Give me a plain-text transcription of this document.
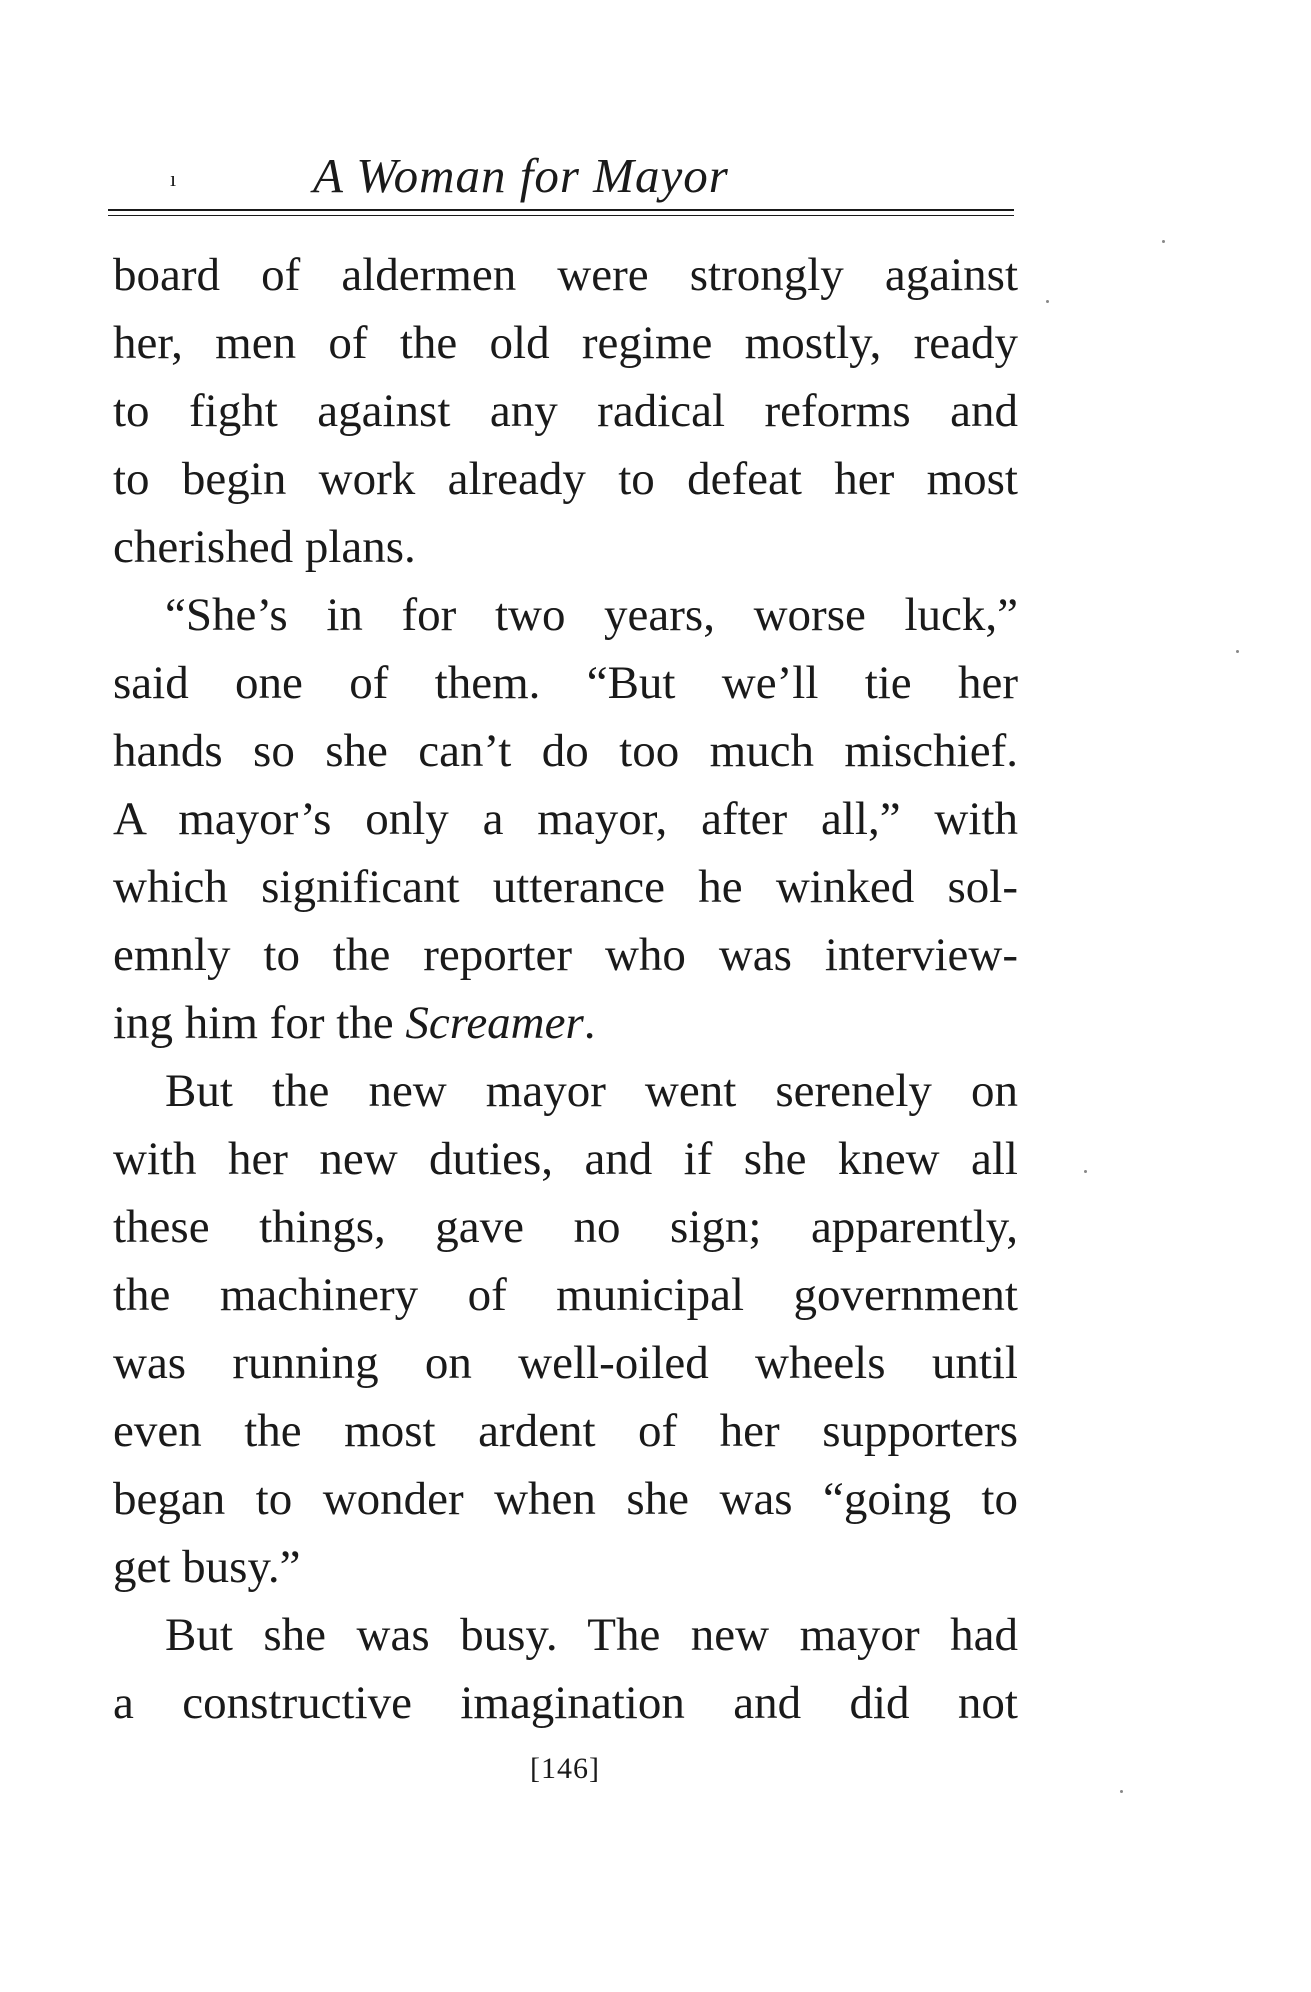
ı	A Woman for Mayor
board of aldermen were strongly against
her, men of the old regime mostly, ready
to fight against any radical reforms and
to begin work already to defeat her most
cherished plans.
“She’s in for two years, worse luck,”
said one of them. “But we’ll tie her
hands so she can’t do too much mischief.
A mayor’s only a mayor, after all,” with
which significant utterance he winked sol-
emnly to the reporter who was interview-
ing him for the Screamer.
But the new mayor went serenely on
with her new duties, and if she knew all
these things, gave no sign; apparently,
the machinery of municipal government
was running on well-oiled wheels until
even the most ardent of her supporters
began to wonder when she was “going to
get busy.”
But she was busy. The new mayor had
a constructive imagination and did not
[146]
